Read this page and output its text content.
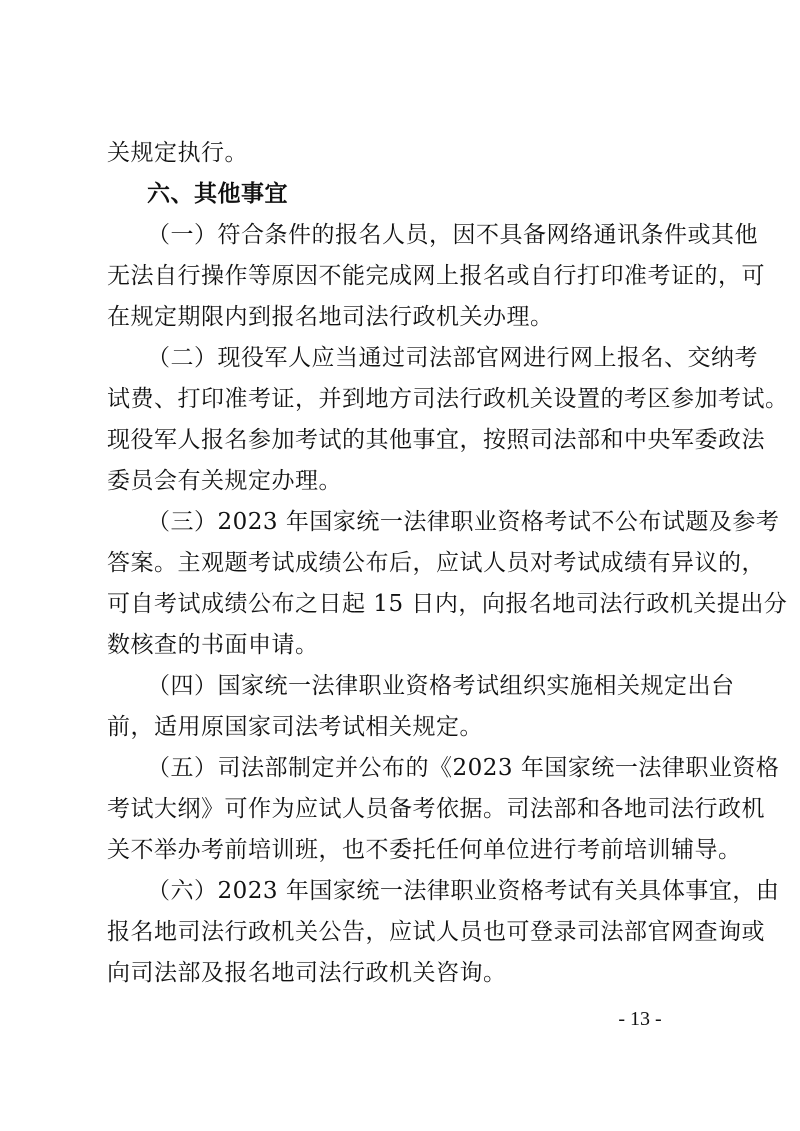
关规定执行。
六、其他事宜
（一）符合条件的报名人员，因不具备网络通讯条件或其他
无法自行操作等原因不能完成网上报名或自行打印准考证的，可
在规定期限内到报名地司法行政机关办理。
（二）现役军人应当通过司法部官网进行网上报名、交纳考
试费、打印准考证，并到地方司法行政机关设置的考区参加考试。
现役军人报名参加考试的其他事宜，按照司法部和中央军委政法
委员会有关规定办理。
（三）2023 年国家统一法律职业资格考试不公布试题及参考
答案。主观题考试成绩公布后，应试人员对考试成绩有异议的，
可自考试成绩公布之日起 15 日内，向报名地司法行政机关提出分
数核查的书面申请。
（四）国家统一法律职业资格考试组织实施相关规定出台
前，适用原国家司法考试相关规定。
（五）司法部制定并公布的《2023 年国家统一法律职业资格
考试大纲》可作为应试人员备考依据。司法部和各地司法行政机
关不举办考前培训班，也不委托任何单位进行考前培训辅导。
（六）2023 年国家统一法律职业资格考试有关具体事宜，由
报名地司法行政机关公告，应试人员也可登录司法部官网查询或
向司法部及报名地司法行政机关咨询。
- 13 -
